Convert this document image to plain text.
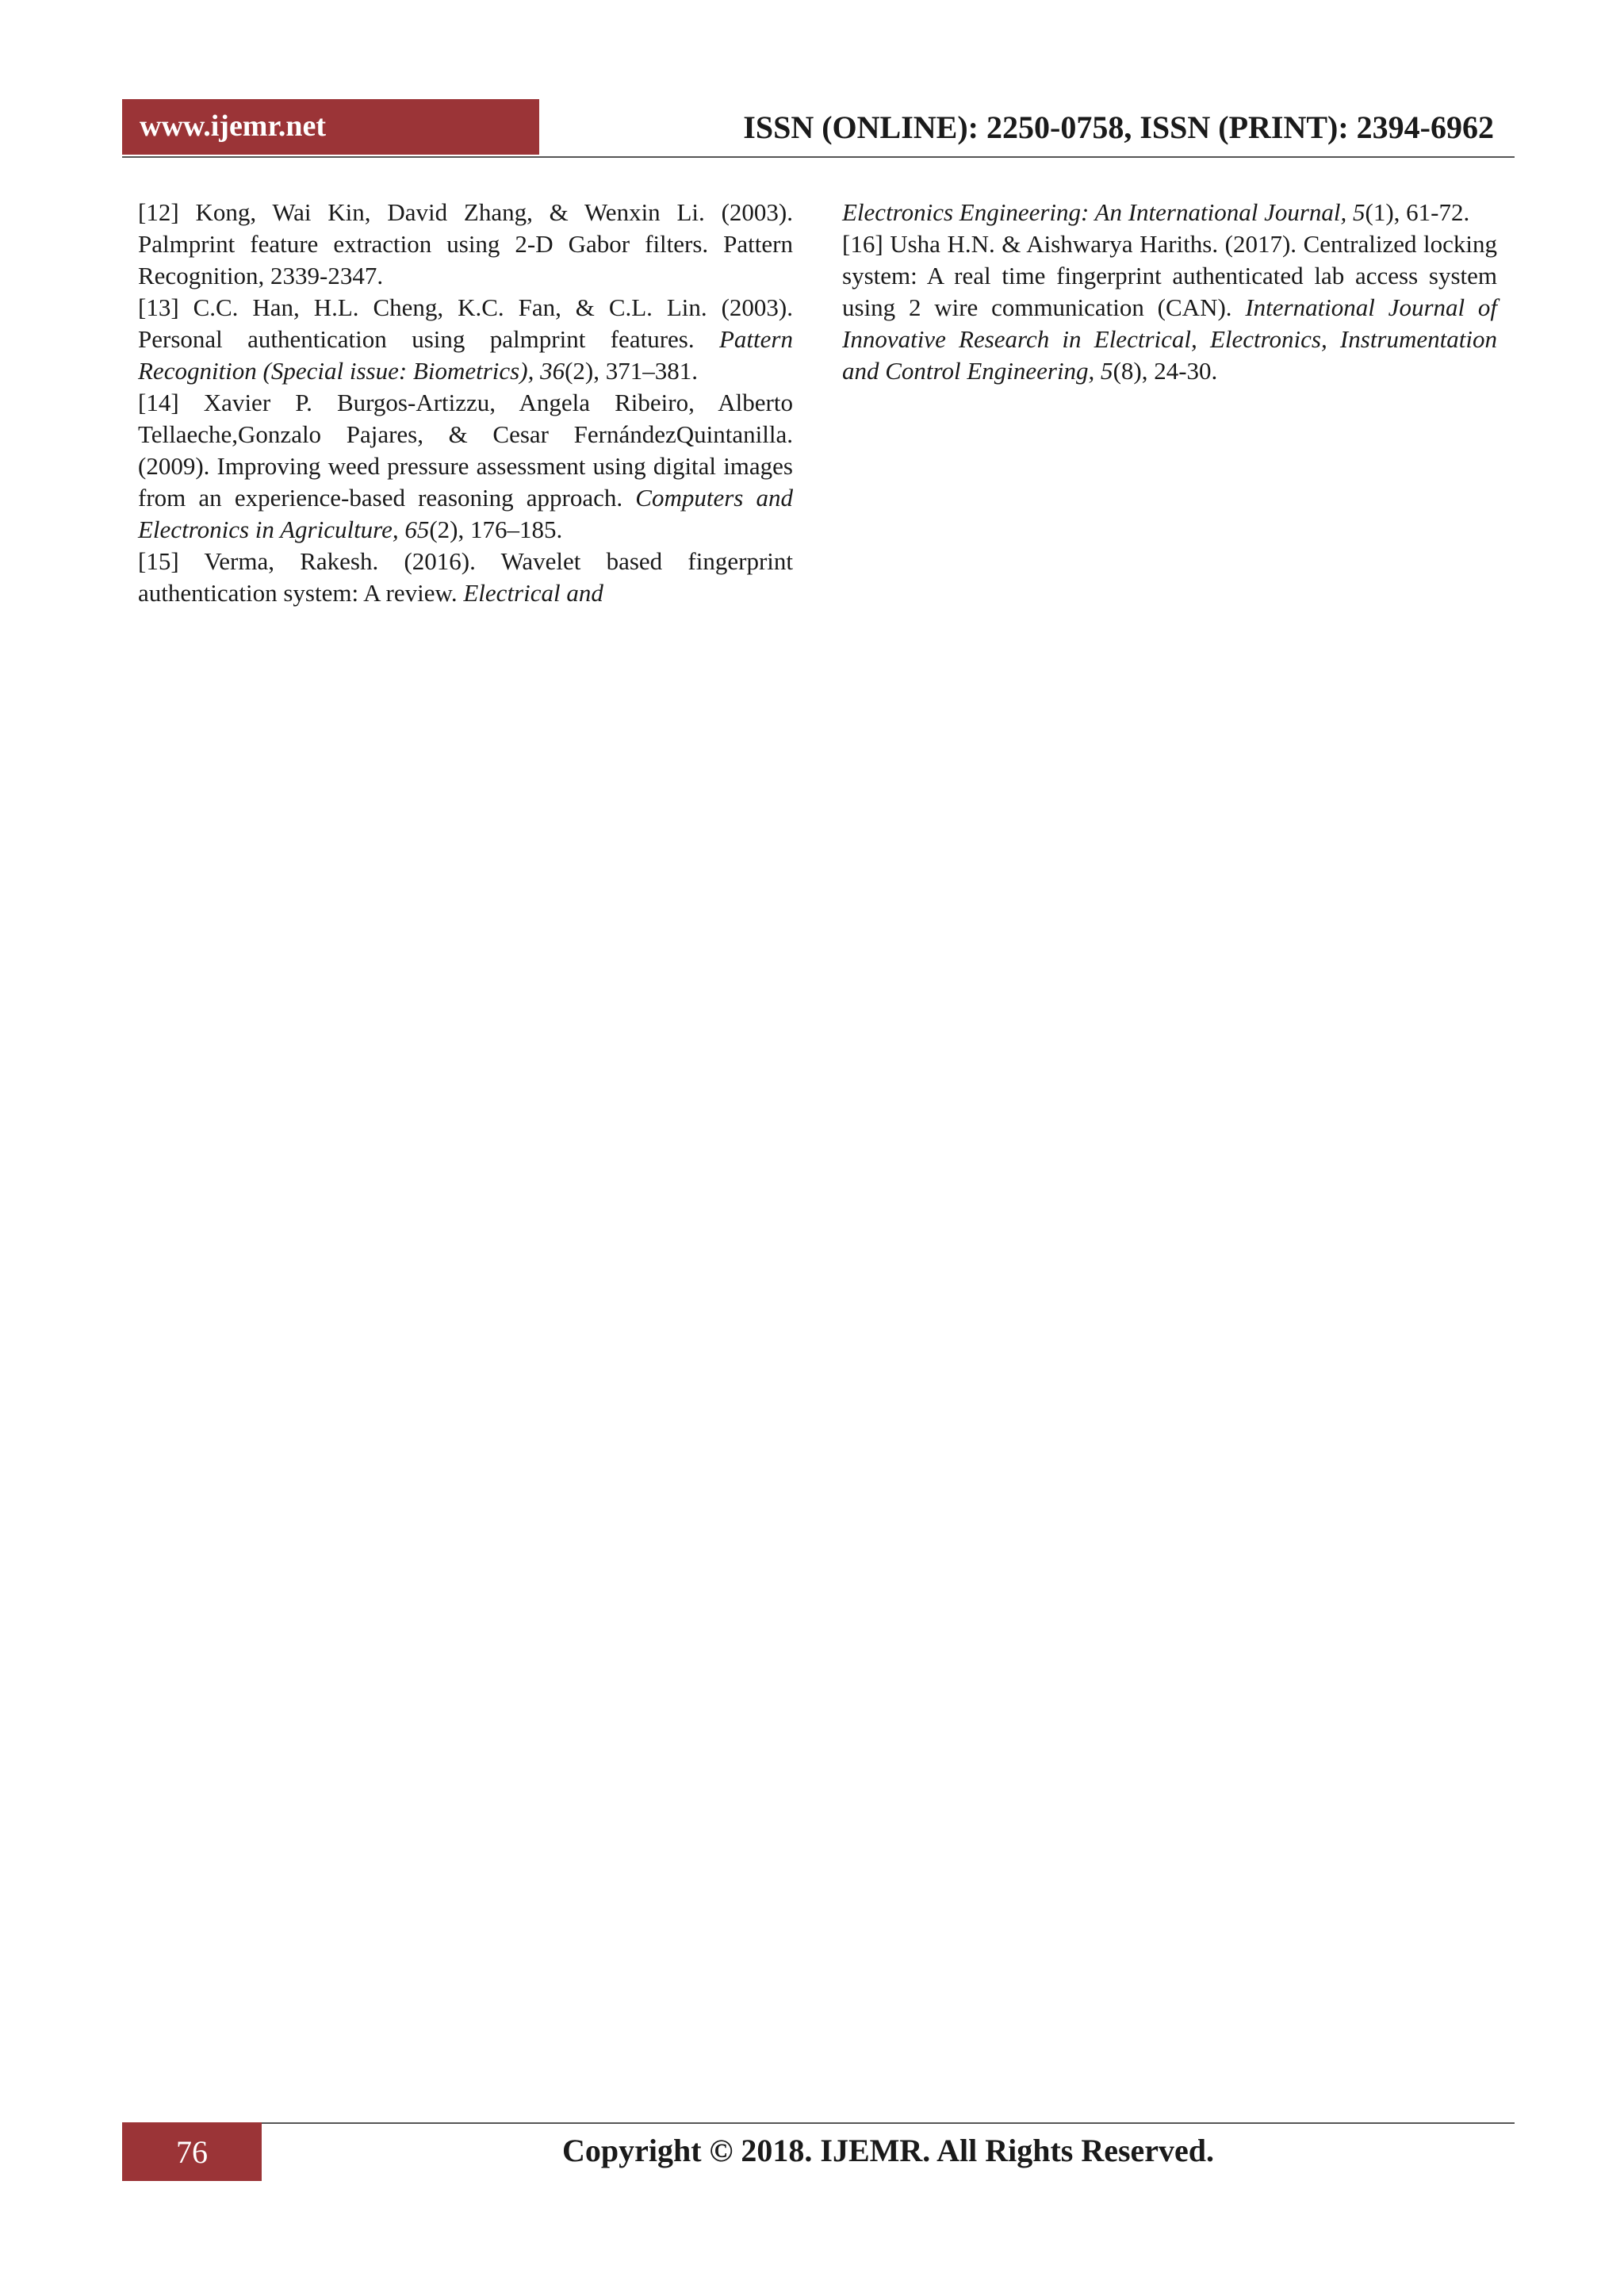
www.ijemr.net	ISSN (ONLINE): 2250-0758, ISSN (PRINT): 2394-6962

[12] Kong, Wai Kin, David Zhang, & Wenxin Li. (2003). Palmprint feature extraction using 2-D Gabor filters. Pattern Recognition, 2339-2347.

[13] C.C. Han, H.L. Cheng, K.C. Fan, & C.L. Lin. (2003). Personal authentication using palmprint features. Pattern Recognition (Special issue: Biometrics), 36(2), 371–381.

[14] Xavier P. Burgos-Artizzu, Angela Ribeiro, Alberto Tellaeche,Gonzalo Pajares, & Cesar FernándezQuintanilla. (2009). Improving weed pressure assessment using digital images from an experience-based reasoning approach. Computers and Electronics in Agriculture, 65(2), 176–185.

[15] Verma, Rakesh. (2016). Wavelet based fingerprint authentication system: A review. Electrical and

Electronics Engineering: An International Journal, 5(1), 61-72.

[16] Usha H.N. & Aishwarya Hariths. (2017). Centralized locking system: A real time fingerprint authenticated lab access system using 2 wire communication (CAN). International Journal of Innovative Research in Electrical, Electronics, Instrumentation and Control Engineering, 5(8), 24-30.

76	Copyright © 2018. IJEMR. All Rights Reserved.
